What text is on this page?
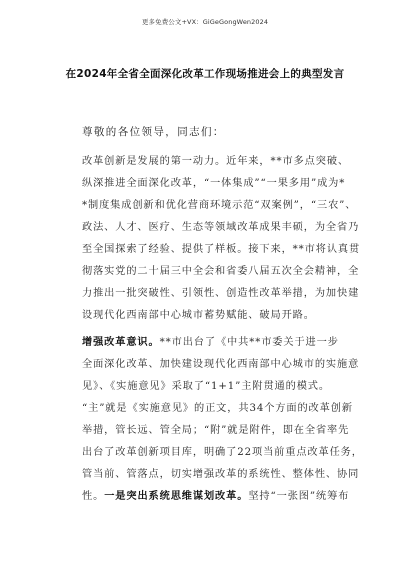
更多免费公文+VX：GiGeGongWen2024
在2024年全省全面深化改革工作现场推进会上的典型发言
尊敬的各位领导，同志们：
改革创新是发展的第一动力。近年来，**市多点突破、
纵深推进全面深化改革，“一体集成”“一果多用”成为*
*制度集成创新和优化营商环境示范“双案例”，“三农”、
政法、人才、医疗、生态等领域改革成果丰硕，为全省乃
至全国探索了经验、提供了样板。接下来，**市将认真贯
彻落实党的二十届三中全会和省委八届五次全会精神，全
力推出一批突破性、引领性、创造性改革举措，为加快建
设现代化西南部中心城市蓄势赋能、破局开路。
增强改革意识。**市出台了《中共**市委关于进一步
全面深化改革、加快建设现代化西南部中心城市的实施意
见》、《实施意见》采取了“1+1”主附贯通的模式。
“主”就是《实施意见》的正文，共34个方面的改革创新
举措，管长远、管全局；“附”就是附件，即在全省率先
出台了改革创新项目库，明确了22项当前重点改革任务，
管当前、管落点，切实增强改革的系统性、整体性、协同
性。一是突出系统思维谋划改革。坚持“一张图”统筹布
